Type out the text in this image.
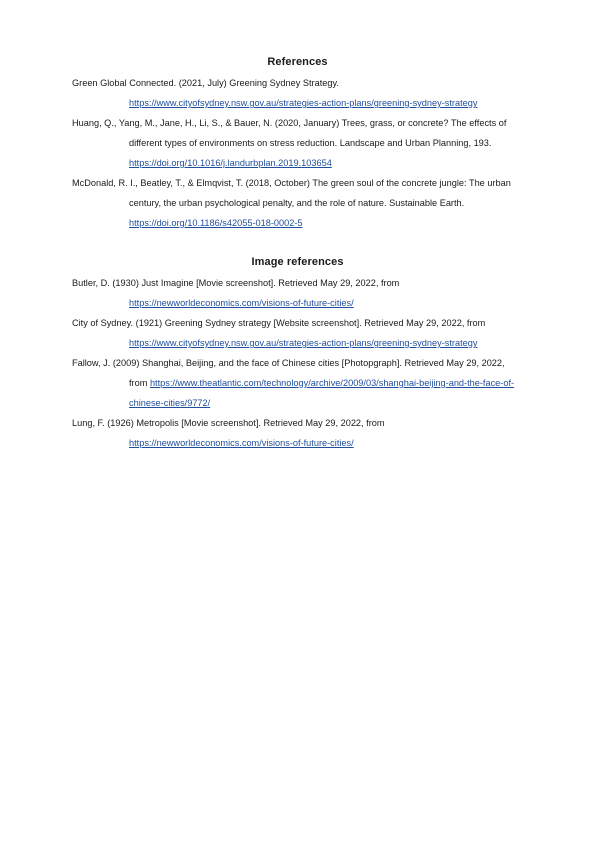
References

Green Global Connected. (2021, July) Greening Sydney Strategy. https://www.cityofsydney.nsw.gov.au/strategies-action-plans/greening-sydney-strategy

Huang, Q., Yang, M., Jane, H., Li, S., & Bauer, N. (2020, January) Trees, grass, or concrete? The effects of different types of environments on stress reduction. Landscape and Urban Planning, 193. https://doi.org/10.1016/j.landurbplan.2019.103654

McDonald, R. I., Beatley, T., & Elmqvist, T. (2018, October) The green soul of the concrete jungle: The urban century, the urban psychological penalty, and the role of nature. Sustainable Earth. https://doi.org/10.1186/s42055-018-0002-5

Image references

Butler, D. (1930) Just Imagine [Movie screenshot]. Retrieved May 29, 2022, from https://newworldeconomics.com/visions-of-future-cities/

City of Sydney. (1921) Greening Sydney strategy [Website screenshot]. Retrieved May 29, 2022, from https://www.cityofsydney.nsw.gov.au/strategies-action-plans/greening-sydney-strategy

Fallow, J. (2009) Shanghai, Beijing, and the face of Chinese cities [Photopgraph]. Retrieved May 29, 2022, from https://www.theatlantic.com/technology/archive/2009/03/shanghai-beijing-and-the-face-of-chinese-cities/9772/

Lung, F. (1926) Metropolis [Movie screenshot]. Retrieved May 29, 2022, from https://newworldeconomics.com/visions-of-future-cities/
